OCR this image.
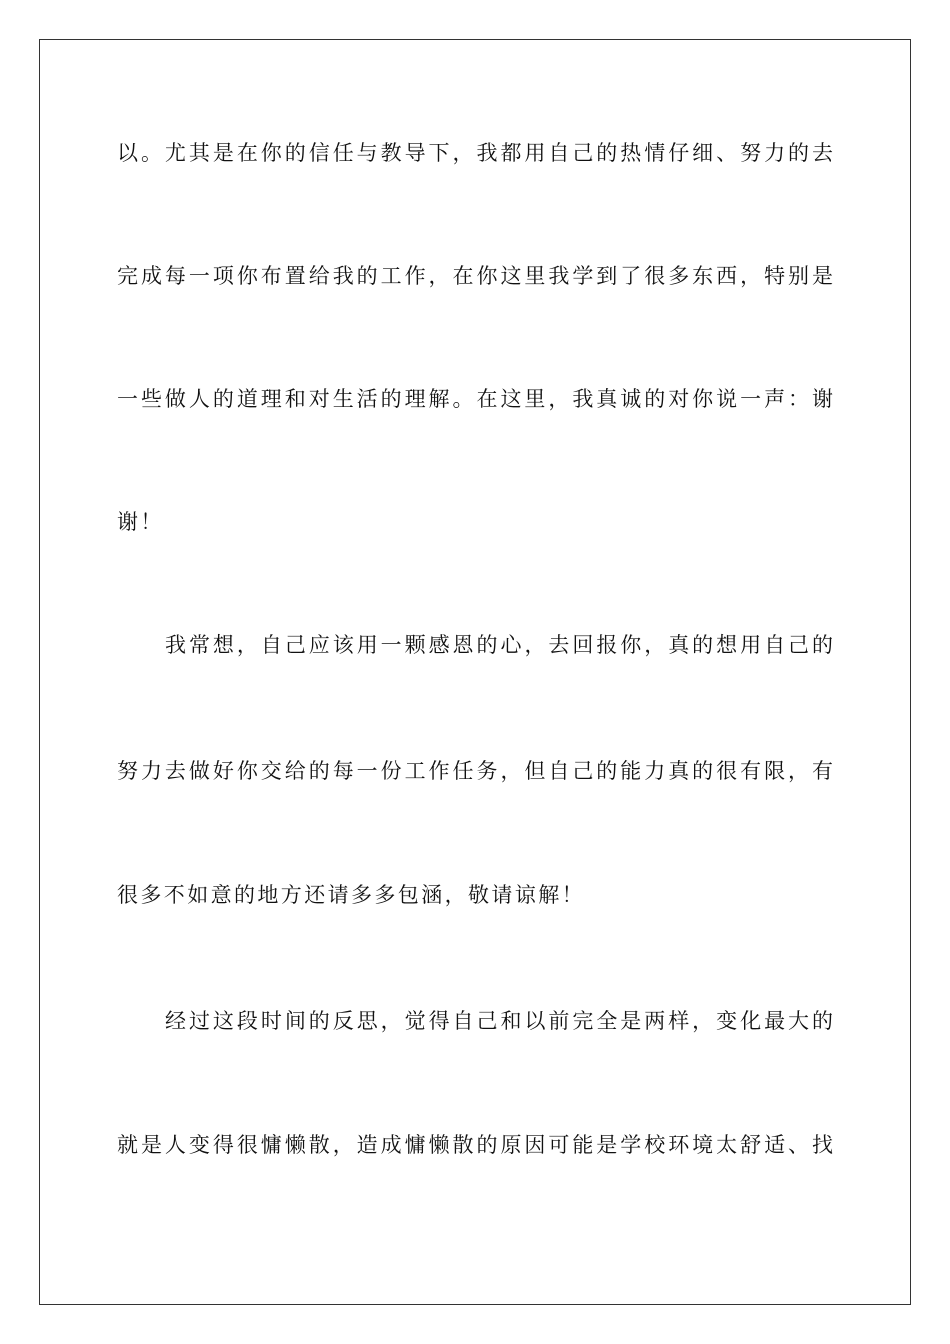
以。尤其是在你的信任与教导下，我都用自己的热情仔细、努力的去
完成每一项你布置给我的工作，在你这里我学到了很多东西，特别是
一些做人的道理和对生活的理解。在这里，我真诚的对你说一声：谢
谢！
我常想，自己应该用一颗感恩的心，去回报你，真的想用自己的
努力去做好你交给的每一份工作任务，但自己的能力真的很有限，有
很多不如意的地方还请多多包涵，敬请谅解！
经过这段时间的反思，觉得自己和以前完全是两样，变化最大的
就是人变得很慵懒散，造成慵懒散的原因可能是学校环境太舒适、找
